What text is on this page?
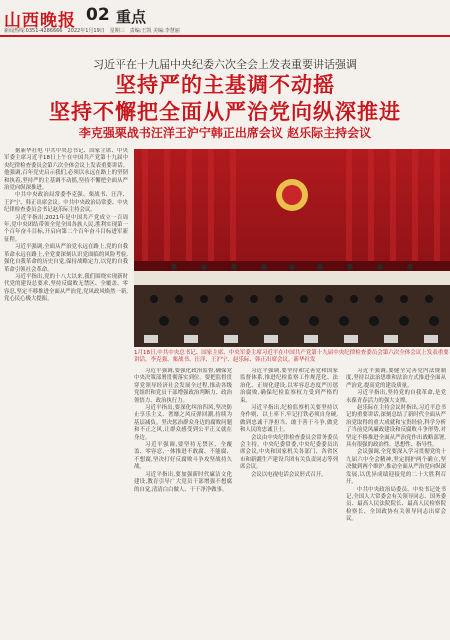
山西晚报 02 重点
新闻热线:0351-4286666　2022年1月19日　星期三　责编:王凯 美编:李慧丽
习近平在十九届中央纪委六次全会上发表重要讲话强调
坚持严的主基调不动摇
坚持不懈把全面从严治党向纵深推进
李克强栗战书汪洋王沪宁韩正出席会议 赵乐际主持会议
1月18日,中共中央总书记、国家主席、中央军委主席习近平在中国共产党第十九届中央纪律检查委员会第六次全体会议上发表重要讲话。李克强、栗战书、汪洋、王沪宁、赵乐际、韩正出席会议。新华社发

据新华社电 中共中央总书记、国家主席、中央军委主席习近平18日上午在中国共产党第十九届中央纪律检查委员会第六次全体会议上发表重要讲话。他强调,百年党史启示我们,必须以永远在路上的坚韧和执着,坚持严的主基调不动摇,坚持不懈把全面从严治党向纵深推进。

中共中央政治局常委李克强、栗战书、汪洋、王沪宁、韩正出席会议。中共中央政治局常委、中央纪律检查委员会书记赵乐际主持会议。

习近平指出,2021年是中国共产党成立一百周年,党中央团结带领全党全国各族人民,胜利实现第一个百年奋斗目标,开启向第二个百年奋斗目标进军新征程。

习近平强调,全面从严治党永远在路上,党的自我革命永远在路上,全党要深刻认识党面临的风险考验,强化自我革命的历史自觉,保持战略定力,以党的自我革命引领社会革命。

习近平指出,党的十八大以来,我们围绕实现新时代党的建设总要求,坚持反腐败无禁区、全覆盖、零容忍,坚定不移推进全面从严治党,党风政风焕然一新,党心民心极大提振。

习近平强调,要强化政治监督,确保党中央决策部署贯彻落实到位。要把监督贯穿党领导经济社会发展全过程,推动各级党组织和党员干部增强政治判断力、政治领悟力、政治执行力。

习近平指出,要深化纠治四风,坚决防止享乐主义、奢靡之风反弹回潮,持续为基层减负。坚决惩治群众身边的腐败问题和不正之风,让群众感受到公平正义就在身边。

习近平强调,要坚持无禁区、全覆盖、零容忍,一体推进不敢腐、不能腐、不想腐,坚决打好反腐败斗争攻坚战持久战。

习近平指出,要加强新时代廉洁文化建设,教育引导广大党员干部增强不想腐的自觉,清清白白做人、干干净净做事。

习近平强调,要坚持和完善党和国家监督体系,推进纪检监察工作规范化、法治化、正规化建设,以零容忍态度严厉惩治腐败,确保纪检监察权力受到严格约束。

习近平指出,纪检监察机关要坚持以身作则、以上率下,牢记打铁必须自身硬,做到忠诚干净担当、敢于善于斗争,做党和人民的忠诚卫士。

会议由中央纪律检查委员会常务委员会主持。中央纪委常委,中央纪委委员出席会议,中央和国家机关各部门、各省区市和新疆生产建设兵团有关负责同志等列席会议。

会议以电视电话会议形式召开。

习近平强调,要健全完善党内法规制度,坚持以法治思维和法治方式推进全面从严治党,提高党的建设质量。

习近平指出,坚持党的自我革命,是党永葆青春活力的强大支撑。

赵乐际在主持会议时指出,习近平总书记的重要讲话,深刻总结了新时代全面从严治党取得的重大成就和宝贵经验,科学分析了当前党风廉政建设和反腐败斗争形势,对坚定不移推进全面从严治党作出战略部署,具有很强的政治性、思想性、指导性。

会议强调,全党要深入学习贯彻党的十九届六中全会精神,坚定拥护两个确立,坚决做到两个维护,推动全面从严治党向纵深发展,以优异成绩迎接党的二十大胜利召开。

中共中央政治局委员、中央书记处书记,全国人大常委会有关领导同志、国务委员、最高人民法院院长、最高人民检察院检察长、全国政协有关领导同志出席会议。
